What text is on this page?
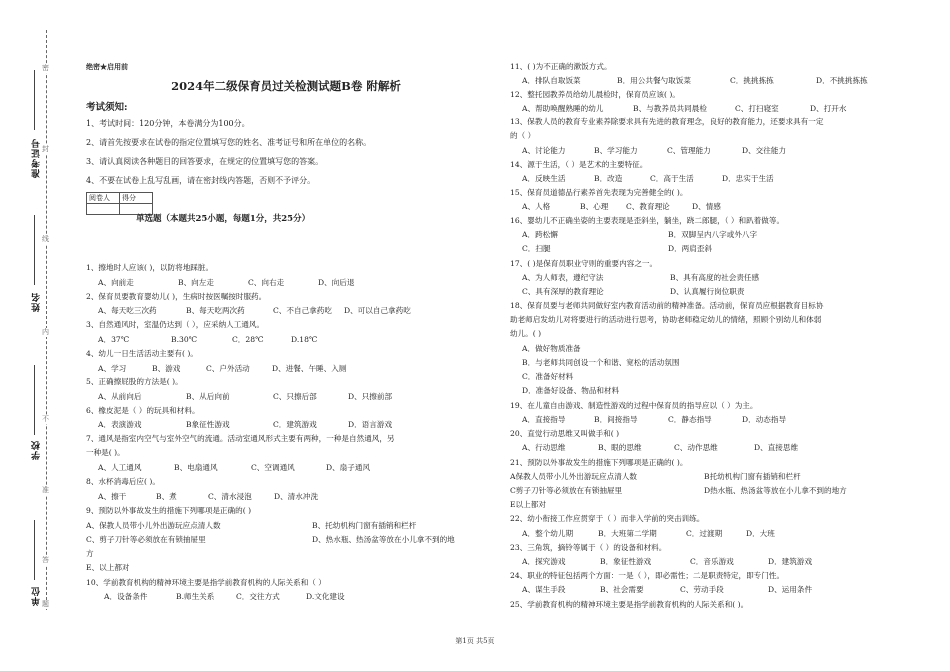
密
封
线
内
不
准
答
题
准考证号
姓名
学校
单位
绝密★启用前
2024年二级保育员过关检测试题B卷 附解析
考试须知:
1、考试时间：120分钟，本卷满分为100分。
2、请首先按要求在试卷的指定位置填写您的姓名、准考证号和所在单位的名称。
3、请认真阅读各种题目的回答要求，在规定的位置填写您的答案。
4、不要在试卷上乱写乱画，请在密封线内答题，否则不予评分。
阅卷人	得分

单选题（本题共25小题，每题1分，共25分）
1、擦地时人应该( )，以防将地踩脏。
A、向前走	B、向左走	C、向右走	D、向后退
2、保育员要教育婴幼儿( )，生病时按医嘱按时服药。
A、每天吃三次药	B、每天吃两次药	C、不自己拿药吃 D、可以自己拿药吃
3、自然通风时，室温仍达到（ ），应采纳人工通风。
A．37℃	B.30℃	C．28℃	D.18℃
4、幼儿一日生活活动主要有( )。
A、学习	B、游戏	C、户外活动	D、进餐、午睡、入厕
5、正确擦屁股的方法是( )。
A、从前向后	B、从后向前	C、只擦后部	D、只擦前部
6、橡皮泥是（ ）的玩具和材料。
A．表演游戏	B象征性游戏	C．建筑游戏	D．语言游戏
7、通风是指室内空气与室外空气的流通。活动室通风形式主要有两种，一种是自然通风，另
一种是( )。
A、人工通风	B、电扇通风	C、空调通风	D、扇子通风
8、水杯消毒后应( )。
A、擦干	B、煮	C、清水浸泡	D、清水冲洗
9、预防以外事故发生的措施下列哪项是正确的( )
A、保教人员带小儿外出游玩应点清人数	B、托幼机构门窗有插销和栏杆
C、剪子刀针等必须放在有锁抽屉里	D、热水瓶、热汤盆等放在小儿拿不到的地
方
E、以上都对
10、学前教育机构的精神环境主要是指学前教育机构的人际关系和（ ）
A．设备条件	B.师生关系	C．交往方式	D.文化建设
11、( )为不正确的漱饭方式。
A．排队自取饭菜	B．用公共餐勺取饭菜	C．挑挑拣拣	D．不挑挑拣拣
12、整托园教养员给幼儿晨检时，保育员应该( )。
A、帮助唤醒熟睡的幼儿	B、与教养员共同晨检	C、打扫寝室	D、打开水
13、保教人员的教育专业素养除要求具有先进的教育理念，良好的教育能力，还要求具有一定
的（ ）
A、讨论能力	B、学习能力	C、管理能力	D、交往能力
14、源于生活，（ ）是艺术的主要特征。
A．反映生活	B．改造	C．高于生活	D．忠实于生活
15、保育员道德品行素养首先表现为完善健全的( )。
A、人格	B、心理 C、教育理论	D、情感
16、婴幼儿不正确坐姿的主要表现是歪斜坐，躺坐，跷二郎腿，（ ）和趴着做等。
A．跨松懈	B．双脚呈内八字或外八字
C．扫腿	D．两肩歪斜
17、( )是保育员职业守则的重要内容之一。
A、为人师表，遵纪守法	B、具有高度的社会责任感
C、具有深厚的教育理论	D、认真履行岗位职责
18、保育员要与老师共同做好室内教育活动前的精神准备。活动前，保育员应根据教育目标协
助老师启发幼儿对将要进行的活动进行思考，协助老师稳定幼儿的情绪，照顾个别幼儿和体弱
幼儿。( )
A．做好物质准备
B．与老师共同创设一个和谐、宽松的活动氛围
C．准备好材料
D．准备好设备、物品和材料
19、在儿童自由游戏、制造性游戏的过程中保育员的指导应以（ ）为主。
A．直接指导	B．间接指导	C．静态指导	D．动态指导
20、直觉行动思维又叫做手和( )
A、行动思维	B、眼的思维	C、动作思维	D、直接思维
21、预防以外事故发生的措施下列哪项是正确的( )。
A保教人员带小儿外出游玩应点清人数	B托幼机构门窗有插销和栏杆
C剪子刀针等必须放在有锁抽屉里	D热水瓶、热汤盆等放在小儿拿不到的地方
E以上都对
22、幼小衔接工作应贯穿于（ ）而非入学前的突击训练。
A．整个幼儿期	B．大班第二学期	C．过渡期	D．大班
23、三角筑，摘铃等属于（ ）的设备和材料。
A．探究游戏	B．象征性游戏	C．音乐游戏	D．建筑游戏
24、职业的特征包括两个方面：一是（ ），即必需性；二是职责特定，即专门性。
A、谋生手段	B、社会需要	C、劳动手段	D、运用条件
25、学前教育机构的精神环境主要是指学前教育机构的人际关系和( )。
第1页 共5页
